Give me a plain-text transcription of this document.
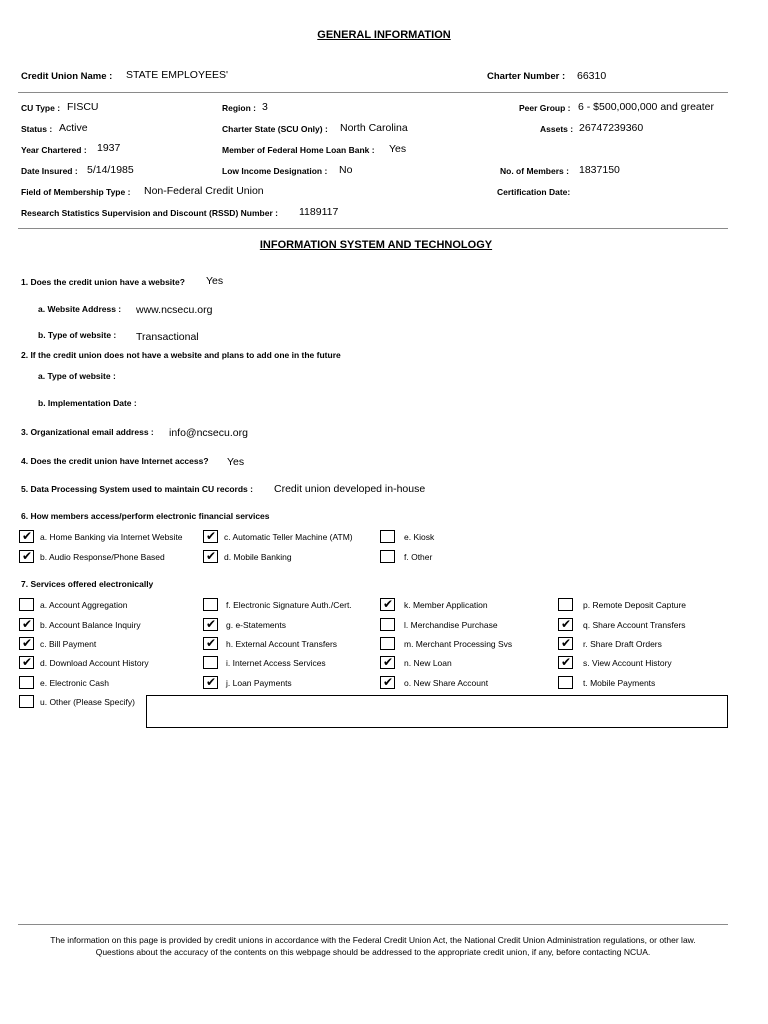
GENERAL INFORMATION
Credit Union Name : STATE EMPLOYEES'	Charter Number : 66310
CU Type : FISCU	Region : 3	Peer Group : 6 - $500,000,000 and greater
Status : Active	Charter State (SCU Only) : North Carolina	Assets : 26747239360
Year Chartered : 1937	Member of Federal Home Loan Bank : Yes
Date Insured : 5/14/1985	Low Income Designation : No	No. of Members : 1837150
Field of Membership Type : Non-Federal Credit Union	Certification Date:
Research Statistics Supervision and Discount (RSSD) Number : 1189117
INFORMATION SYSTEM AND TECHNOLOGY
1. Does the credit union have a website? Yes
a. Website Address : www.ncsecu.org
b. Type of website : Transactional
2. If the credit union does not have a website and plans to add one in the future
a. Type of website :
b. Implementation Date :
3. Organizational email address : info@ncsecu.org
4. Does the credit union have Internet access? Yes
5. Data Processing System used to maintain CU records : Credit union developed in-house
6. How members access/perform electronic financial services
✔ a. Home Banking via Internet Website
✔ b. Audio Response/Phone Based
✔ c. Automatic Teller Machine (ATM)
✔ d. Mobile Banking
e. Kiosk
f. Other
7. Services offered electronically
a. Account Aggregation
✔ b. Account Balance Inquiry
✔ c. Bill Payment
✔ d. Download Account History
e. Electronic Cash
f. Electronic Signature Auth./Cert.
✔ g. e-Statements
✔ h. External Account Transfers
i. Internet Access Services
✔ j. Loan Payments
✔ k. Member Application
l. Merchandise Purchase
m. Merchant Processing Svs
✔ n. New Loan
✔ o. New Share Account
p. Remote Deposit Capture
✔ q. Share Account Transfers
✔ r. Share Draft Orders
✔ s. View Account History
t. Mobile Payments
u. Other (Please Specify)
The information on this page is provided by credit unions in accordance with the Federal Credit Union Act, the National Credit Union Administration regulations, or other law.
Questions about the accuracy of the contents on this webpage should be addressed to the appropriate credit union, if any, before contacting NCUA.
